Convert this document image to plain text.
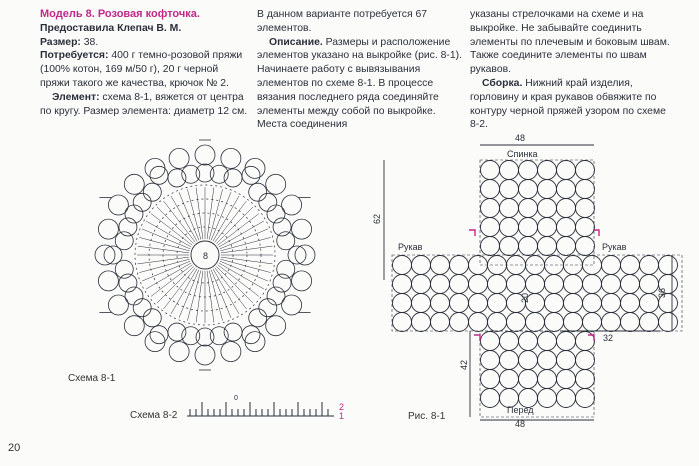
Модель 8. Розовая кофточка.

Предоставила Клепач В. М.

Размер: 38.

Потребуется: 400 г темно-розовой пряжи (100% котон, 169 м/50 г), 20 г черной пряжи такого же качества, крючок № 2.

Элемент: схема 8-1, вяжется от центра по кругу. Размер элемента: диаметр 12 см.

В данном варианте потребуется 67 элементов.

Описание. Размеры и расположение элементов указано на выкройке (рис. 8-1). Начинаете работу с вывязывания элементов по схеме 8-1. В процессе вязания последнего ряда соединяйте элементы между собой по выкройке. Места соединения

указаны стрелочками на схеме и на выкройке. Не забывайте соединить элементы по плечевым и боковым швам. Также соедините элементы по швам рукавов.

Сборка. Нижний край изделия, горловину и края рукавов обвяжите по контуру черной пряжей узором по схеме 8-2.

8
Схема 8-1
Схема 8-2
0
2
1
Спинка
Перед
Рукав	Рукав
48
48
62
42
36
32
20
Рис. 8-1
20
